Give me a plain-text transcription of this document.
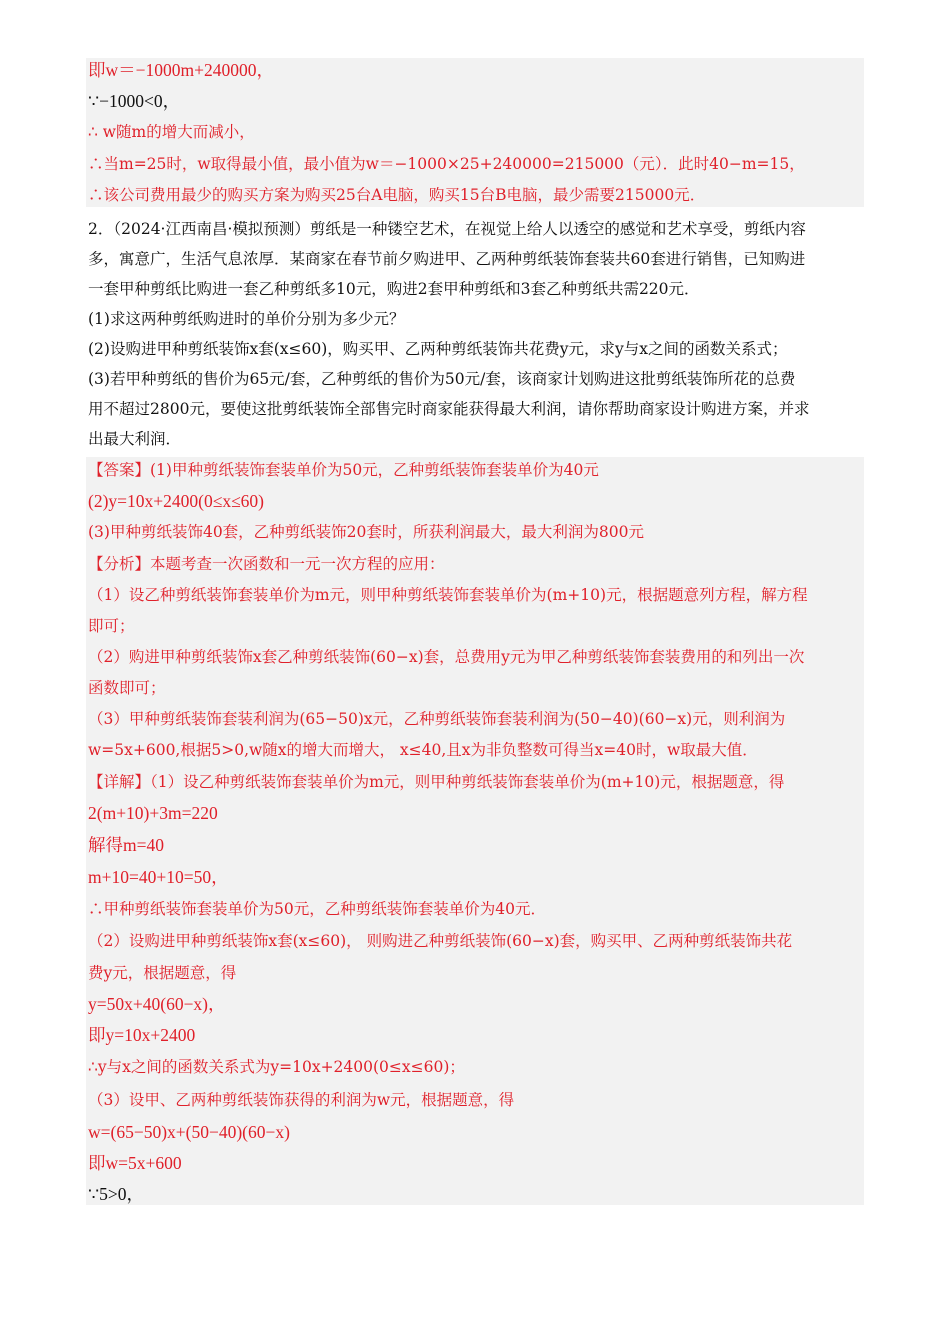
即w＝−1000m+240000，
∵−1000<0，
∴ w随m的增大而减小，
∴当m=25时，w取得最小值，最小值为w＝−1000×25+240000=215000（元）．此时40−m=15，
∴该公司费用最少的购买方案为购买25台A电脑，购买15台B电脑，最少需要215000元．
2．（2024·江西南昌·模拟预测）剪纸是一种镂空艺术，在视觉上给人以透空的感觉和艺术享受，剪纸内容
多，寓意广，生活气息浓厚．某商家在春节前夕购进甲、乙两种剪纸装饰套装共60套进行销售，已知购进
一套甲种剪纸比购进一套乙种剪纸多10元，购进2套甲种剪纸和3套乙种剪纸共需220元．
(1)求这两种剪纸购进时的单价分别为多少元？
(2)设购进甲种剪纸装饰x套(x≤60)，购买甲、乙两种剪纸装饰共花费y元，求y与x之间的函数关系式；
(3)若甲种剪纸的售价为65元/套，乙种剪纸的售价为50元/套，该商家计划购进这批剪纸装饰所花的总费
用不超过2800元，要使这批剪纸装饰全部售完时商家能获得最大利润，请你帮助商家设计购进方案，并求
出最大利润．
【答案】(1)甲种剪纸装饰套装单价为50元，乙种剪纸装饰套装单价为40元
(2)y=10x+2400(0≤x≤60)
(3)甲种剪纸装饰40套，乙种剪纸装饰20套时，所获利润最大，最大利润为800元
【分析】本题考查一次函数和一元一次方程的应用：
（1）设乙种剪纸装饰套装单价为m元，则甲种剪纸装饰套装单价为(m+10)元，根据题意列方程，解方程
即可；
（2）购进甲种剪纸装饰x套乙种剪纸装饰(60−x)套，总费用y元为甲乙种剪纸装饰套装费用的和列出一次
函数即可；
（3）甲种剪纸装饰套装利润为(65−50)x元，乙种剪纸装饰套装利润为(50−40)(60−x)元，则利润为
w=5x+600,根据5>0,w随x的增大而增大， x≤40,且x为非负整数可得当x=40时，w取最大值．
【详解】（1）设乙种剪纸装饰套装单价为m元，则甲种剪纸装饰套装单价为(m+10)元，根据题意，得
2(m+10)+3m=220
解得m=40
m+10=40+10=50，
∴甲种剪纸装饰套装单价为50元，乙种剪纸装饰套装单价为40元．
（2）设购进甲种剪纸装饰x套(x≤60)， 则购进乙种剪纸装饰(60−x)套，购买甲、乙两种剪纸装饰共花
费y元，根据题意，得
y=50x+40(60−x)，
即y=10x+2400
∴y与x之间的函数关系式为y=10x+2400(0≤x≤60)；
（3）设甲、乙两种剪纸装饰获得的利润为w元，根据题意，得
w=(65−50)x+(50−40)(60−x)
即w=5x+600
∵5>0，
